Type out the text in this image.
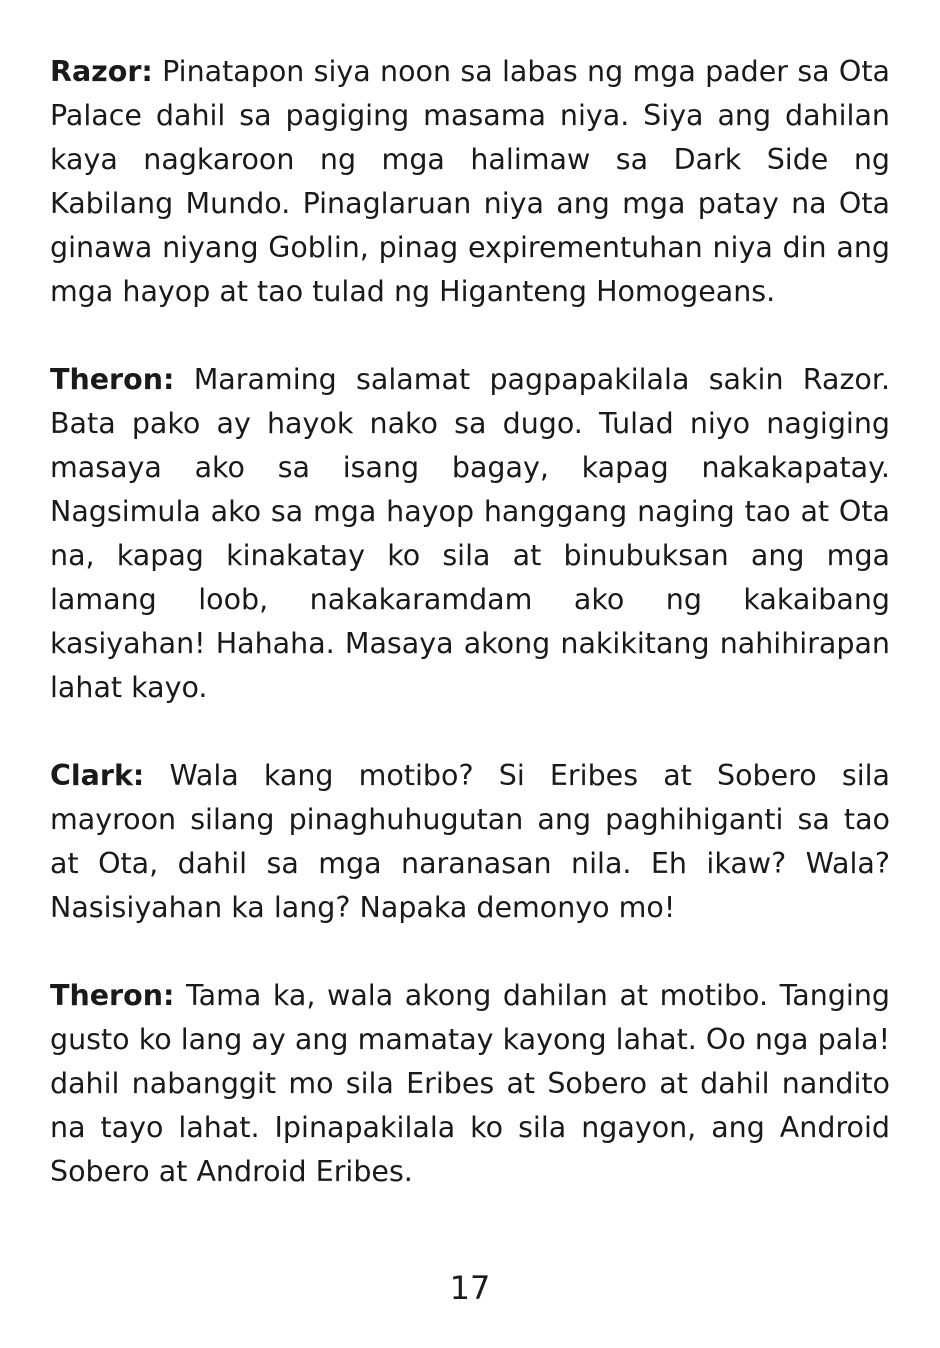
Razor: Pinatapon siya noon sa labas ng mga pader sa Ota Palace dahil sa pagiging masama niya. Siya ang dahilan kaya nagkaroon ng mga halimaw sa Dark Side ng Kabilang Mundo. Pinaglaruan niya ang mga patay na Ota ginawa niyang Goblin, pinag expirementuhan niya din ang mga hayop at tao tulad ng Higanteng Homogeans.

Theron: Maraming salamat pagpapakilala sakin Razor. Bata pako ay hayok nako sa dugo. Tulad niyo nagiging masaya ako sa isang bagay, kapag nakakapatay. Nagsimula ako sa mga hayop hanggang naging tao at Ota na, kapag kinakatay ko sila at binubuksan ang mga lamang loob, nakakaramdam ako ng kakaibang kasiyahan! Hahaha. Masaya akong nakikitang nahihirapan lahat kayo.

Clark: Wala kang motibo? Si Eribes at Sobero sila mayroon silang pinaghuhugutan ang paghihiganti sa tao at Ota, dahil sa mga naranasan nila. Eh ikaw? Wala? Nasisiyahan ka lang? Napaka demonyo mo!

Theron: Tama ka, wala akong dahilan at motibo. Tanging gusto ko lang ay ang mamatay kayong lahat. Oo nga pala! dahil nabanggit mo sila Eribes at Sobero at dahil nandito na tayo lahat. Ipinapakilala ko sila ngayon, ang Android Sobero at Android Eribes.

17
